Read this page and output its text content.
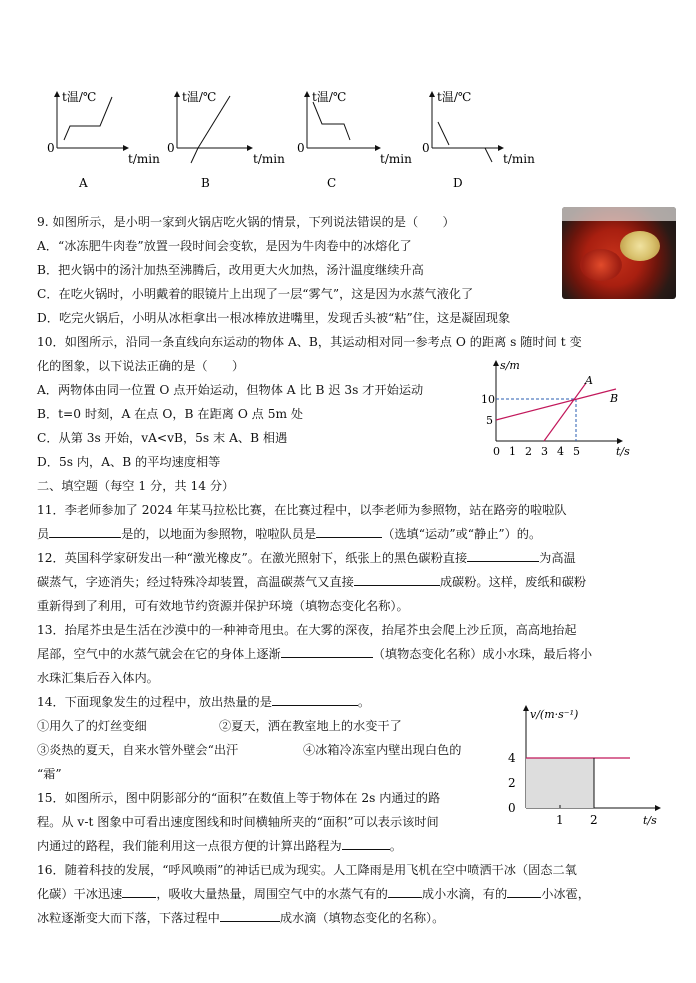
t温/℃
0
t/min
A
t温/℃
0
t/min
B
t温/℃
0
t/min
C
t温/℃
0
t/min
D
9. 如图所示，是小明一家到火锅店吃火锅的情景，下列说法错误的是（　　）
A．“冰冻肥牛肉卷”放置一段时间会变软，是因为牛肉卷中的冰熔化了
B．把火锅中的汤汁加热至沸腾后，改用更大火加热，汤汁温度继续升高
C．在吃火锅时，小明戴着的眼镜片上出现了一层“雾气”，这是因为水蒸气液化了
D．吃完火锅后，小明从冰柜拿出一根冰棒放进嘴里，发现舌头被“粘”住，这是凝固现象
10．如图所示，沿同一条直线向东运动的物体 A、B，其运动相对同一参考点 O 的距离 s 随时间 t 变
化的图象，以下说法正确的是（　　）
A．两物体由同一位置 O 点开始运动，但物体 A 比 B 迟 3s 才开始运动
B．t=0 时刻，A 在点 O，B 在距离 O 点 5m 处
C．从第 3s 开始，vA<vB，5s 末 A、B 相遇
D．5s 内，A、B 的平均速度相等
s/m
t/s
A
B
10
5
0 1 2 3 4 5
二、填空题（每空 1 分，共 14 分）
11．李老师参加了 2024 年某马拉松比赛，在比赛过程中，以李老师为参照物，站在路旁的啦啦队
员	是的，以地面为参照物，啦啦队员是	（选填“运动”或“静止”）的。
12．英国科学家研发出一种“激光橡皮”。在激光照射下，纸张上的黑色碳粉直接	为高温
碳蒸气，字迹消失；经过特殊冷却装置，高温碳蒸气又直接	成碳粉。这样，废纸和碳粉
重新得到了利用，可有效地节约资源并保护环境（填物态变化名称）。
13．抬尾芥虫是生活在沙漠中的一种神奇甩虫。在大雾的深夜，抬尾芥虫会爬上沙丘顶，高高地抬起
尾部，空气中的水蒸气就会在它的身体上逐渐	（填物态变化名称）成小水珠，最后将小
水珠汇集后吞入体内。
14．下面现象发生的过程中，放出热量的是	。
①用久了的灯丝变细	②夏天，洒在教室地上的水变干了
③炎热的夏天，自来水管外壁会“出汗	④冰箱冷冻室内壁出现白色的
“霜”
v/(m·s⁻¹)
t/s
4
2
0
1 2
15．如图所示，图中阴影部分的“面积”在数值上等于物体在 2s 内通过的路
程。从 v-t 图象中可看出速度图线和时间横轴所夹的“面积”可以表示该时间
内通过的路程，我们能利用这一点很方便的计算出路程为	。
16．随着科技的发展，“呼风唤雨”的神话已成为现实。人工降雨是用飞机在空中喷洒干冰（固态二氧
化碳）干冰迅速	，吸收大量热量，周围空气中的水蒸气有的	成小水滴，有的	小冰雹，
冰粒逐渐变大而下落，下落过程中	成水滴（填物态变化的名称）。
